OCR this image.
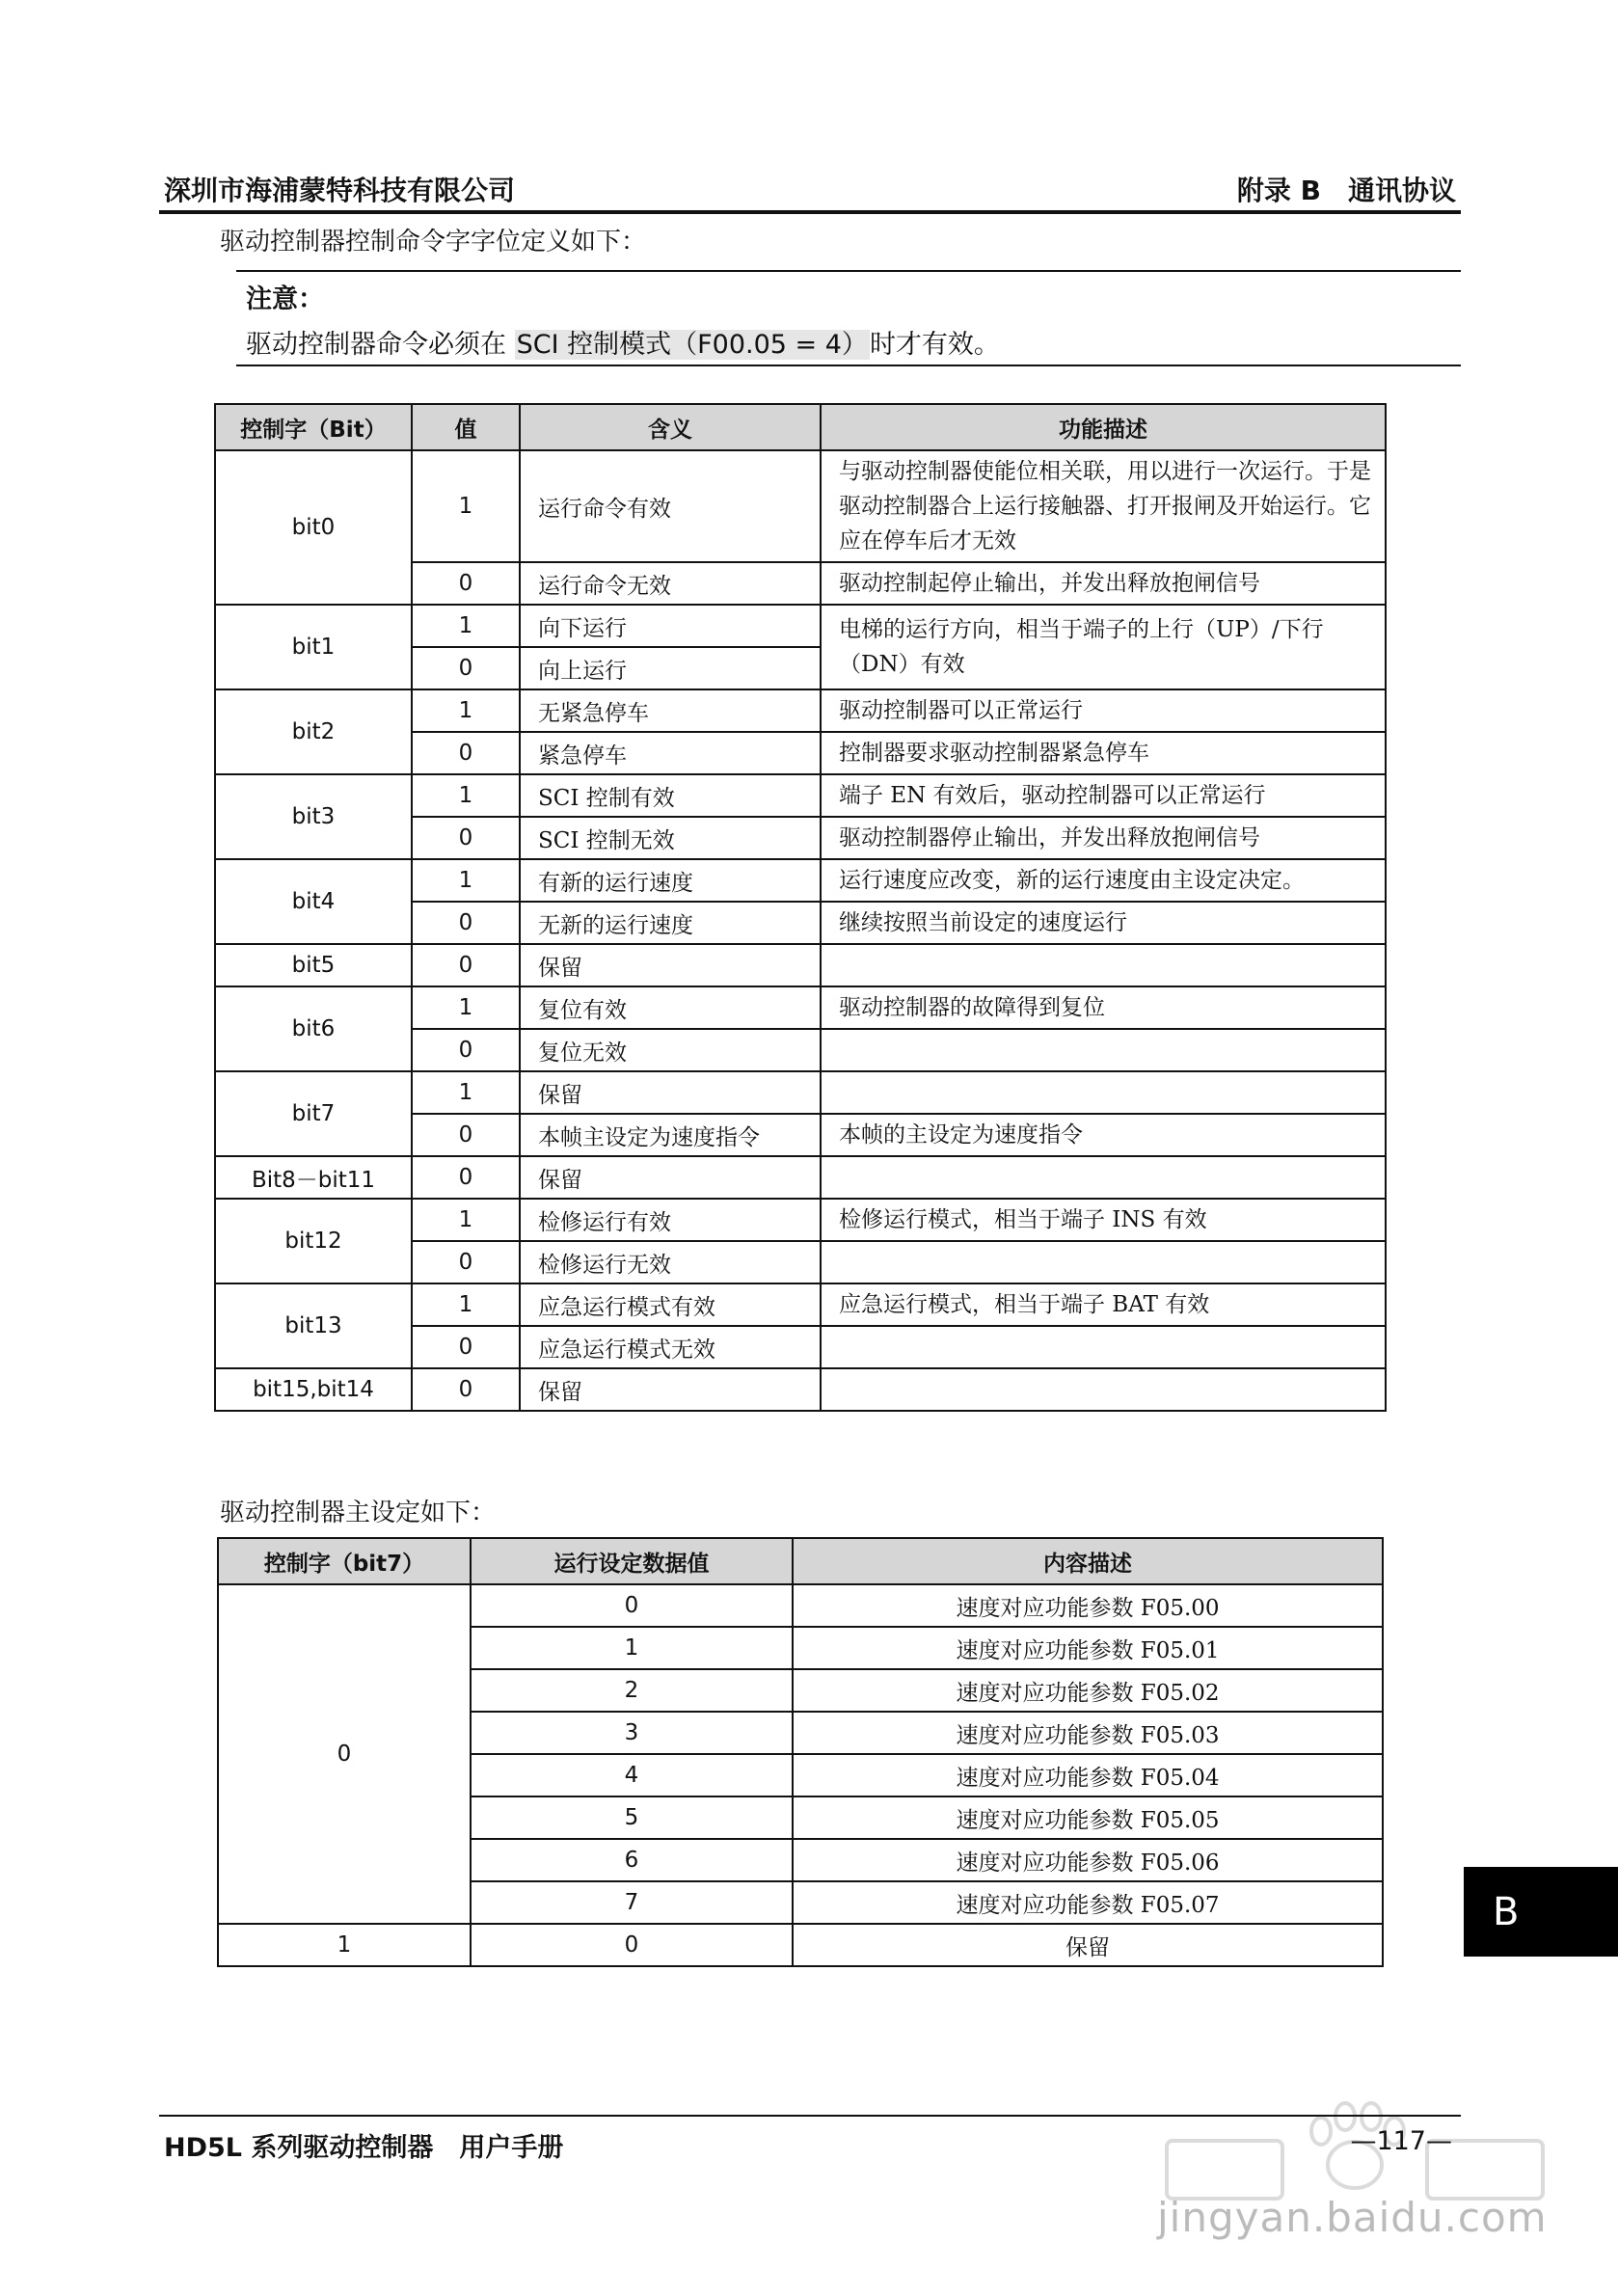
深圳市海浦蒙特科技有限公司	附录 B　通讯协议
驱动控制器控制命令字字位定义如下：
注意：
驱动控制器命令必须在 SCI 控制模式（F00.05 = 4）时才有效。
控制字（Bit）	值	含义	功能描述
bit0	1	运行命令有效	与驱动控制器使能位相关联，用以进行一次运行。于是驱动控制器合上运行接触器、打开报闸及开始运行。它应在停车后才无效
	0	运行命令无效	驱动控制起停止输出，并发出释放抱闸信号
bit1	1	向下运行	电梯的运行方向，相当于端子的上行（UP）/下行（DN）有效
	0	向上运行	
bit2	1	无紧急停车	驱动控制器可以正常运行
	0	紧急停车	控制器要求驱动控制器紧急停车
bit3	1	SCI 控制有效	端子 EN 有效后，驱动控制器可以正常运行
	0	SCI 控制无效	驱动控制器停止输出，并发出释放抱闸信号
bit4	1	有新的运行速度	运行速度应改变，新的运行速度由主设定决定。
	0	无新的运行速度	继续按照当前设定的速度运行
bit5	0	保留	
bit6	1	复位有效	驱动控制器的故障得到复位
	0	复位无效	
bit7	1	保留	
	0	本帧主设定为速度指令	本帧的主设定为速度指令
Bit8－bit11	0	保留	
bit12	1	检修运行有效	检修运行模式，相当于端子 INS 有效
	0	检修运行无效	
bit13	1	应急运行模式有效	应急运行模式，相当于端子 BAT 有效
	0	应急运行模式无效	
bit15,bit14	0	保留	
驱动控制器主设定如下：
控制字（bit7）	运行设定数据值	内容描述
0	0	速度对应功能参数 F05.00
	1	速度对应功能参数 F05.01
	2	速度对应功能参数 F05.02
	3	速度对应功能参数 F05.03
	4	速度对应功能参数 F05.04
	5	速度对应功能参数 F05.05
	6	速度对应功能参数 F05.06
	7	速度对应功能参数 F05.07
1	0	保留
B
jingyan.baidu.com
HD5L 系列驱动控制器　用户手册	—117—
